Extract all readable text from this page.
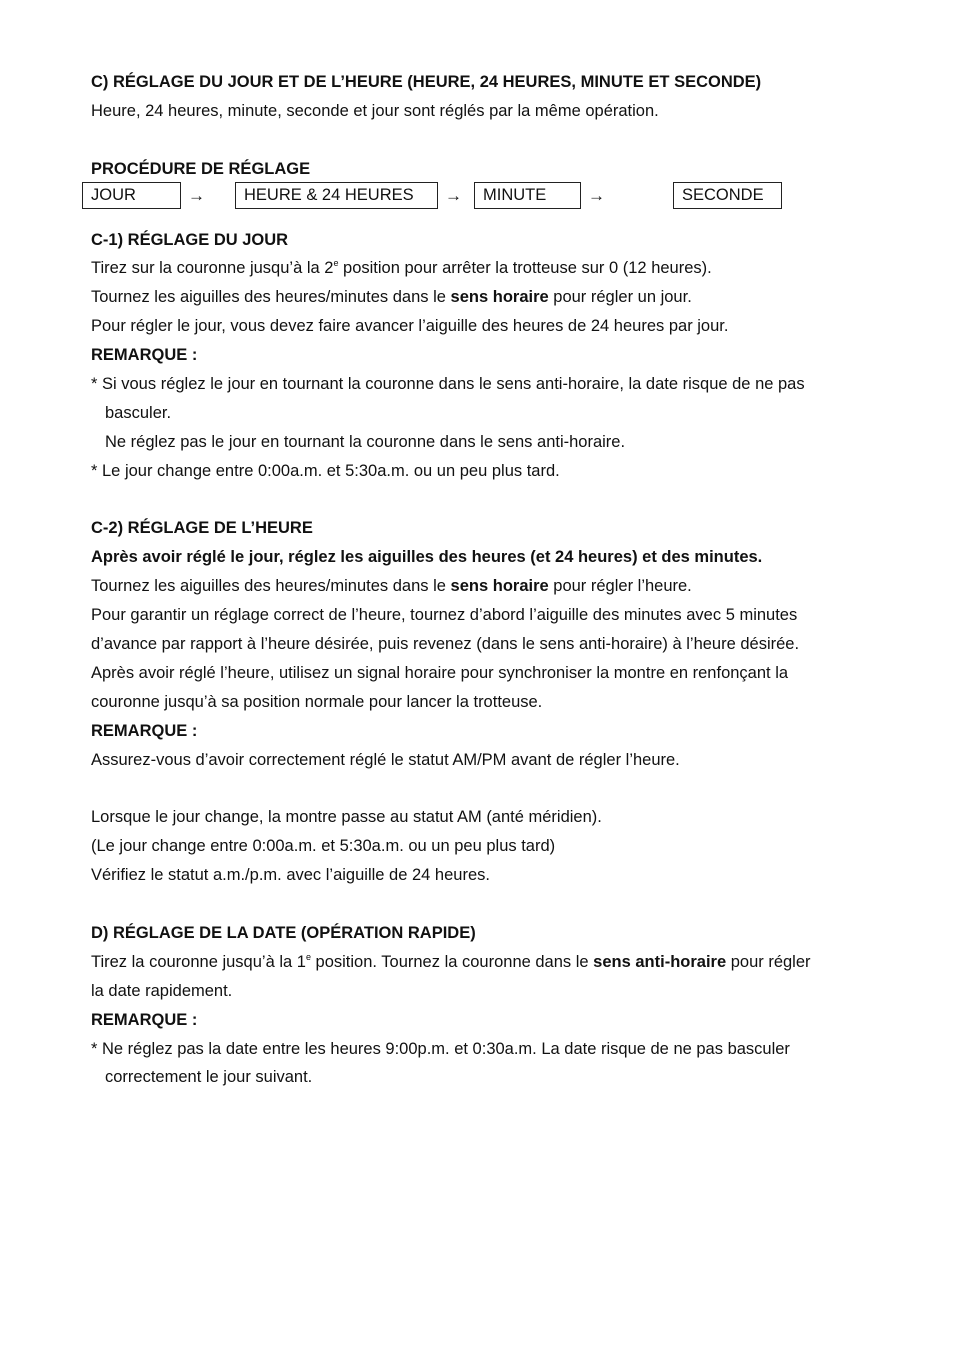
C) RÉGLAGE DU JOUR ET DE L’HEURE (HEURE, 24 HEURES, MINUTE ET SECONDE)
Heure, 24 heures, minute, seconde et jour sont réglés par la même opération.
PROCÉDURE DE RÉGLAGE
JOUR	→	HEURE & 24 HEURES	→	MINUTE	→	SECONDE
C-1) RÉGLAGE DU JOUR
Tirez sur la couronne jusqu’à la 2e position pour arrêter la trotteuse sur 0 (12 heures).
Tournez les aiguilles des heures/minutes dans le sens horaire pour régler un jour.
Pour régler le jour, vous devez faire avancer l’aiguille des heures de 24 heures par jour.
REMARQUE :
* Si vous réglez le jour en tournant la couronne dans le sens anti-horaire, la date risque de ne pas
basculer.
Ne réglez pas le jour en tournant la couronne dans le sens anti-horaire.
* Le jour change entre 0:00a.m. et 5:30a.m. ou un peu plus tard.
C-2) RÉGLAGE DE L’HEURE
Après avoir réglé le jour, réglez les aiguilles des heures (et 24 heures) et des minutes.
Tournez les aiguilles des heures/minutes dans le sens horaire pour régler l’heure.
Pour garantir un réglage correct de l’heure, tournez d’abord l’aiguille des minutes avec 5 minutes
d’avance par rapport à l’heure désirée, puis revenez (dans le sens anti-horaire) à l’heure désirée.
Après avoir réglé l’heure, utilisez un signal horaire pour synchroniser la montre en renfonçant la
couronne jusqu’à sa position normale pour lancer la trotteuse.
REMARQUE :
Assurez-vous d’avoir correctement réglé le statut AM/PM avant de régler l’heure.
Lorsque le jour change, la montre passe au statut AM (anté méridien).
(Le jour change entre 0:00a.m. et 5:30a.m. ou un peu plus tard)
Vérifiez le statut a.m./p.m. avec l’aiguille de 24 heures.
D) RÉGLAGE DE LA DATE (OPÉRATION RAPIDE)
Tirez la couronne jusqu’à la 1e position. Tournez la couronne dans le sens anti-horaire pour régler
la date rapidement.
REMARQUE :
* Ne réglez pas la date entre les heures 9:00p.m. et 0:30a.m. La date risque de ne pas basculer
correctement le jour suivant.
